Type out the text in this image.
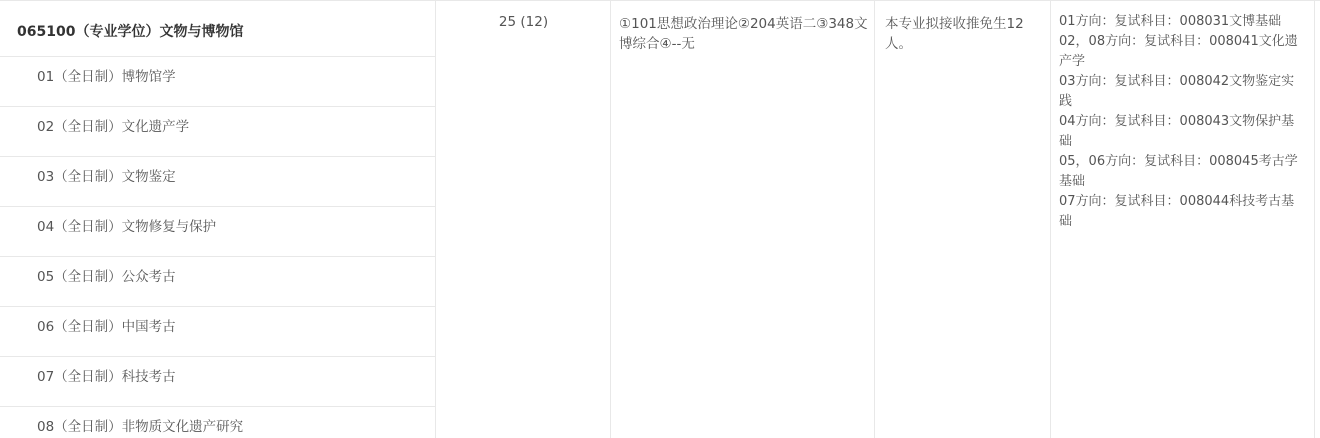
065100（专业学位）文物与博物馆
01（全日制）博物馆学
02（全日制）文化遗产学
03（全日制）文物鉴定
04（全日制）文物修复与保护
05（全日制）公众考古
06（全日制）中国考古
07（全日制）科技考古
08（全日制）非物质文化遗产研究
25 (12)	①101思想政治理论②204英语二③348文博综合④--无
本专业拟接收推免生12人。
01方向：复试科目：008031文博基础
02，08方向：复试科目：008041文化遗产学
03方向：复试科目：008042文物鉴定实践
04方向：复试科目：008043文物保护基础
05，06方向：复试科目：008045考古学基础
07方向：复试科目：008044科技考古基础
